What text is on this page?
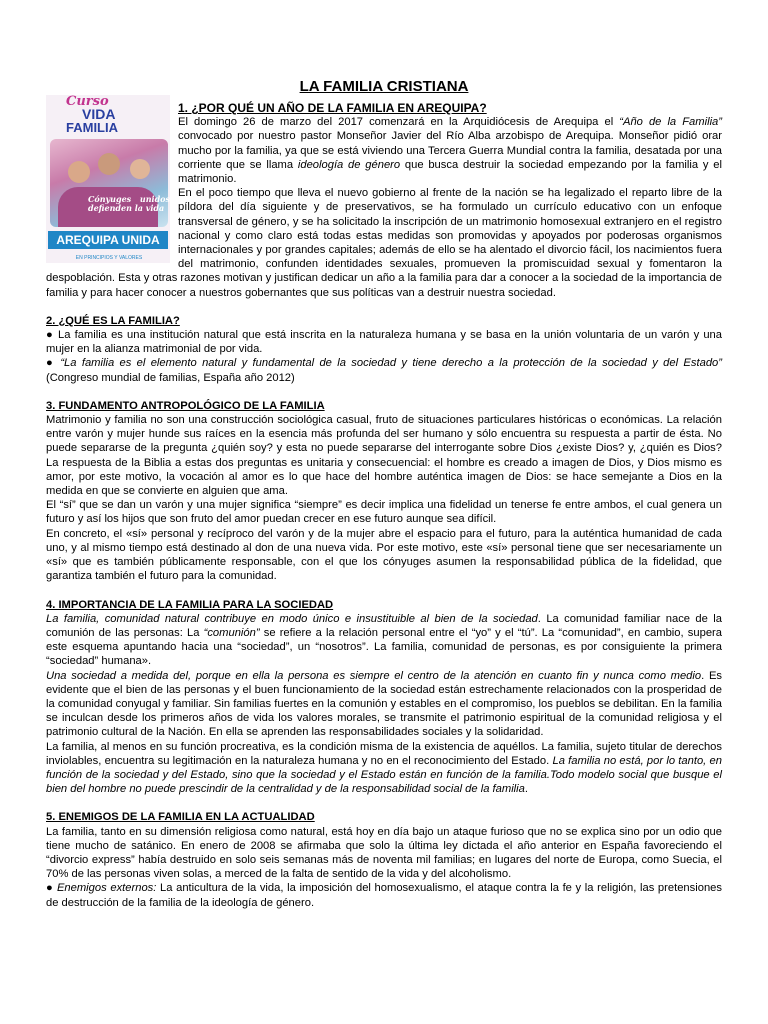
LA FAMILIA CRISTIANA
Curso
VIDA
FAMILIA
Cónyuges unidos defienden la vida
AREQUIPA UNIDA
EN PRINCIPIOS Y VALORES

1. ¿POR QUÉ UN AÑO DE LA FAMILIA EN AREQUIPA?

El domingo 26 de marzo del 2017 comenzará en la Arquidiócesis de Arequipa el “Año de la Familia” convocado por nuestro pastor Monseñor Javier del Río Alba arzobispo de Arequipa. Monseñor pidió orar mucho por la familia, ya que se está viviendo una Tercera Guerra Mundial contra la familia, desatada por una corriente que se llama ideología de género que busca destruir la sociedad empezando por la familia y el matrimonio.

En el poco tiempo que lleva el nuevo gobierno al frente de la nación se ha legalizado el reparto libre de la píldora del día siguiente y de preservativos, se ha formulado un currículo educativo con un enfoque transversal de género, y se ha solicitado la inscripción de un matrimonio homosexual extranjero en el registro nacional y como claro está todas estas medidas son promovidas y apoyados por poderosas organismos internacionales y por grandes capitales; además de ello se ha alentado el divorcio fácil, los nacimientos fuera del matrimonio, confunden identidades sexuales, promueven la promiscuidad sexual y fomentaron la despoblación. Esta y otras razones motivan y justifican dedicar un año a la familia para dar a conocer a la sociedad de la importancia de familia y para hacer conocer a nuestros gobernantes que sus políticas van a destruir nuestra sociedad.

2. ¿QUÉ ES LA FAMILIA?

● La familia es una institución natural que está inscrita en la naturaleza humana y se basa en la unión voluntaria de un varón y una mujer en la alianza matrimonial de por vida.

● “La familia es el elemento natural y fundamental de la sociedad y tiene derecho a la protección de la sociedad y del Estado” (Congreso mundial de familias, España año 2012)

3. FUNDAMENTO ANTROPOLÓGICO DE LA FAMILIA

Matrimonio y familia no son una construcción sociológica casual, fruto de situaciones particulares históricas o económicas. La relación entre varón y mujer hunde sus raíces en la esencia más profunda del ser humano y sólo encuentra su respuesta a partir de ésta. No puede separarse de la pregunta ¿quién soy? y esta no puede separarse del interrogante sobre Dios ¿existe Dios? y, ¿quién es Dios? La respuesta de la Biblia a estas dos preguntas es unitaria y consecuencial: el hombre es creado a imagen de Dios, y Dios mismo es amor, por este motivo, la vocación al amor es lo que hace del hombre auténtica imagen de Dios: se hace semejante a Dios en la medida en que se convierte en alguien que ama.

El “sí” que se dan un varón y una mujer significa “siempre” es decir implica una fidelidad un tenerse fe entre ambos, el cual genera un futuro y así los hijos que son fruto del amor puedan crecer en ese futuro aunque sea difícil.

En concreto, el «sí» personal y recíproco del varón y de la mujer abre el espacio para el futuro, para la auténtica humanidad de cada uno, y al mismo tiempo está destinado al don de una nueva vida. Por este motivo, este «sí» personal tiene que ser necesariamente un «sí» que es también públicamente responsable, con el que los cónyuges asumen la responsabilidad pública de la fidelidad, que garantiza también el futuro para la comunidad.

4. IMPORTANCIA DE LA FAMILIA PARA LA SOCIEDAD

La familia, comunidad natural contribuye en modo único e insustituible al bien de la sociedad. La comunidad familiar nace de la comunión de las personas: La “comunión” se refiere a la relación personal entre el “yo” y el “tú”. La “comunidad”, en cambio, supera este esquema apuntando hacia una “sociedad”, un “nosotros”. La familia, comunidad de personas, es por consiguiente la primera “sociedad” humana».

Una sociedad a medida del, porque en ella la persona es siempre el centro de la atención en cuanto fin y nunca como medio. Es evidente que el bien de las personas y el buen funcionamiento de la sociedad están estrechamente relacionados con la prosperidad de la comunidad conyugal y familiar. Sin familias fuertes en la comunión y estables en el compromiso, los pueblos se debilitan. En la familia se inculcan desde los primeros años de vida los valores morales, se transmite el patrimonio espiritual de la comunidad religiosa y el patrimonio cultural de la Nación. En ella se aprenden las responsabilidades sociales y la solidaridad.

La familia, al menos en su función procreativa, es la condición misma de la existencia de aquéllos. La familia, sujeto titular de derechos inviolables, encuentra su legitimación en la naturaleza humana y no en el reconocimiento del Estado. La familia no está, por lo tanto, en función de la sociedad y del Estado, sino que la sociedad y el Estado están en función de la familia.Todo modelo social que busque el bien del hombre no puede prescindir de la centralidad y de la responsabilidad social de la familia.

5. ENEMIGOS DE LA FAMILIA EN LA ACTUALIDAD

La familia, tanto en su dimensión religiosa como natural, está hoy en día bajo un ataque furioso que no se explica sino por un odio que tiene mucho de satánico. En enero de 2008 se afirmaba que solo la última ley dictada el año anterior en España favoreciendo el “divorcio express” había destruido en solo seis semanas más de noventa mil familias; en lugares del norte de Europa, como Suecia, el 70% de las personas viven solas, a merced de la falta de sentido de la vida y del alcoholismo.

● Enemigos externos: La anticultura de la vida, la imposición del homosexualismo, el ataque contra la fe y la religión, las pretensiones de destrucción de la familia de la ideología de género.
